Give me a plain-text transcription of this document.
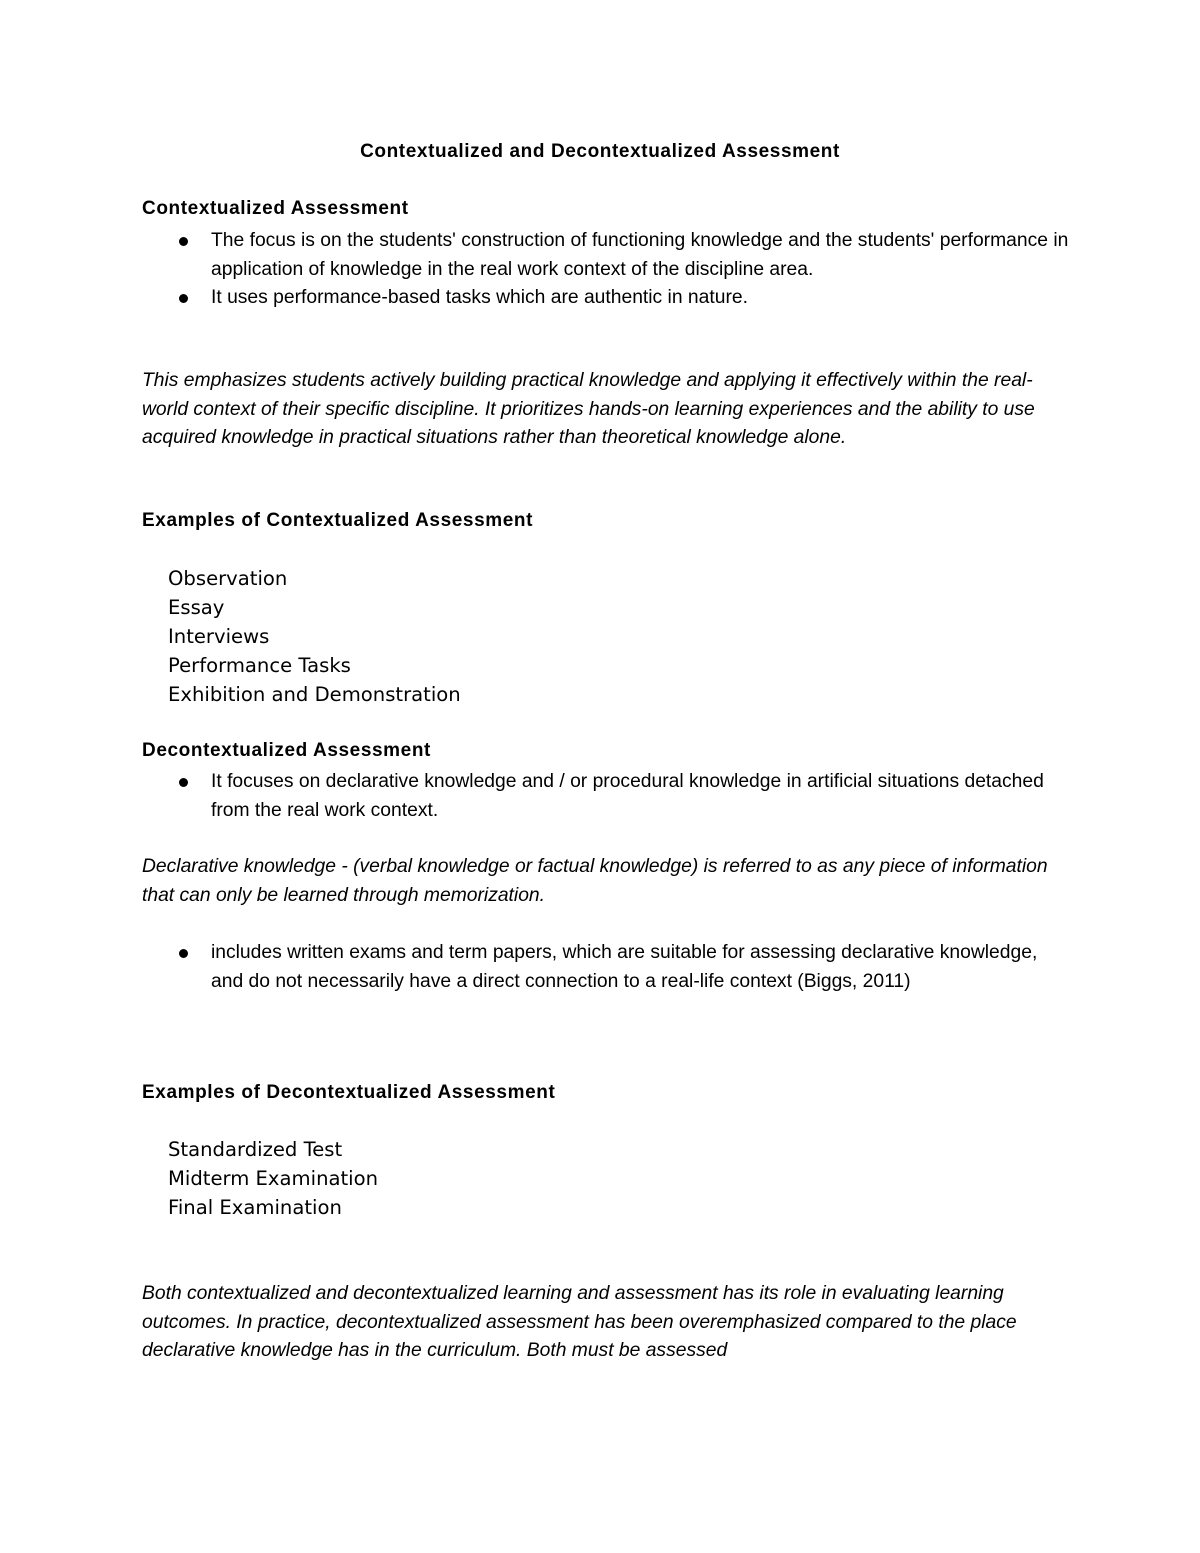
Contextualized and Decontextualized Assessment
Contextualized Assessment
The focus is on the students' construction of functioning knowledge and the students' performance in application of knowledge in the real work context of the discipline area.
It uses performance-based tasks which are authentic in nature.

This emphasizes students actively building practical knowledge and applying it effectively within the real-world context of their specific discipline. It prioritizes hands-on learning experiences and the ability to use acquired knowledge in practical situations rather than theoretical knowledge alone.

Examples of Contextualized Assessment
Observation
Essay
Interviews
Performance Tasks
Exhibition and Demonstration
Decontextualized Assessment
It focuses on declarative knowledge and / or procedural knowledge in artificial situations detached from the real work context.

Declarative knowledge - (verbal knowledge or factual knowledge) is referred to as any piece of information that can only be learned through memorization.

includes written exams and term papers, which are suitable for assessing declarative knowledge, and do not necessarily have a direct connection to a real-life context (Biggs, 2011)
Examples of Decontextualized Assessment
Standardized Test
Midterm Examination
Final Examination

Both contextualized and decontextualized learning and assessment has its role in evaluating learning outcomes. In practice, decontextualized assessment has been overemphasized compared to the place declarative knowledge has in the curriculum. Both must be assessed
